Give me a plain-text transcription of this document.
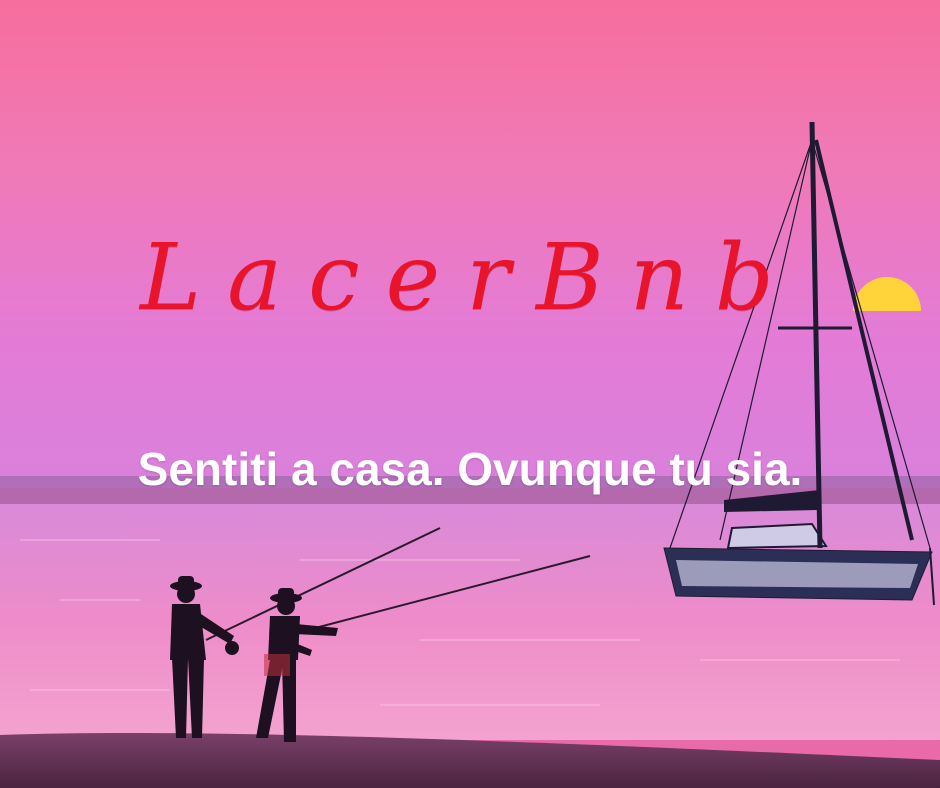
LacerBnb
Sentiti a casa. Ovunque tu sia.
